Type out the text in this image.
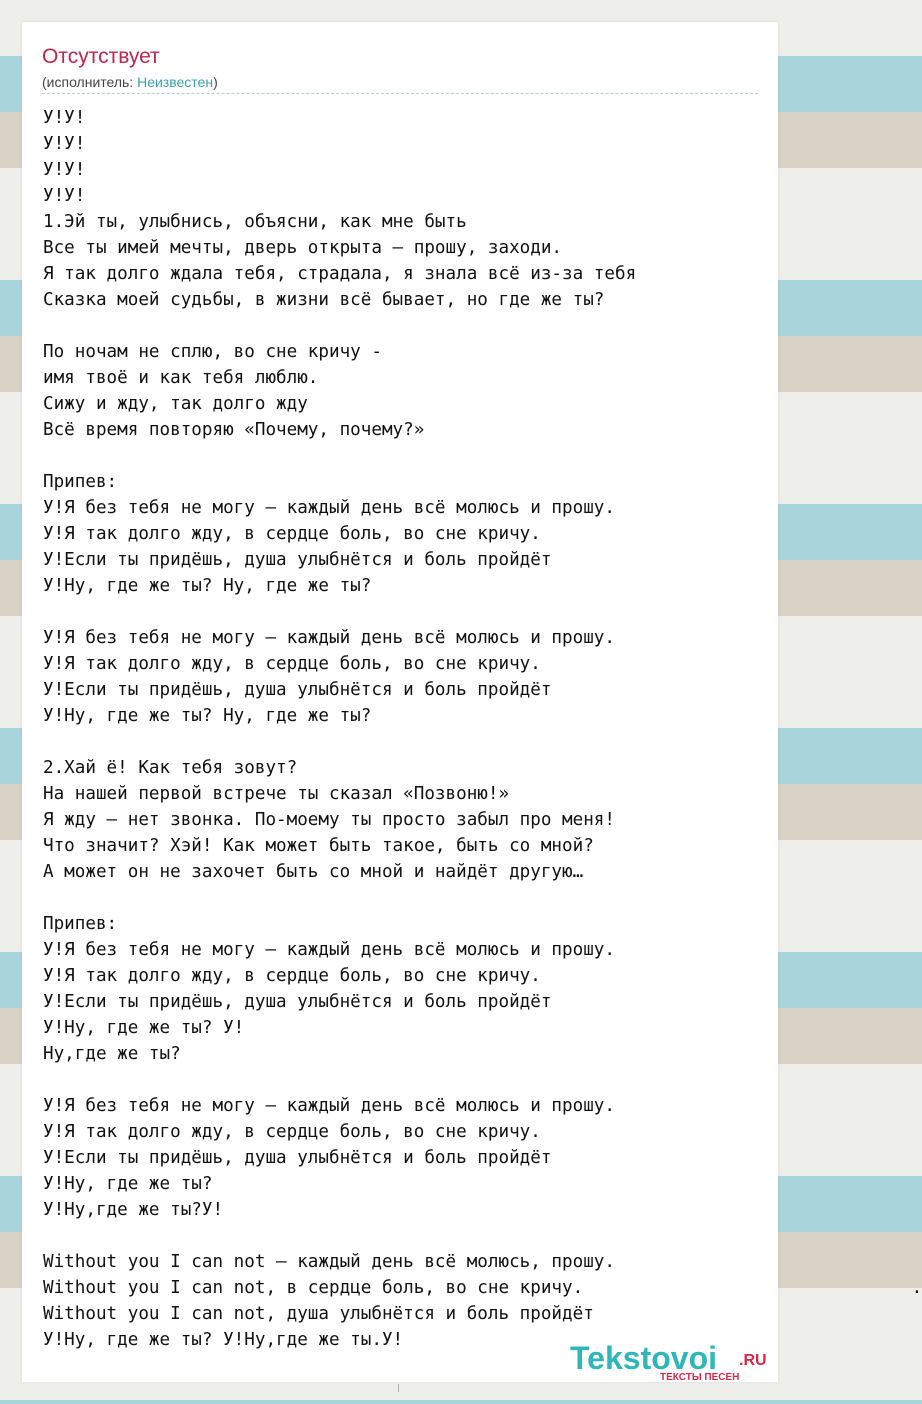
Отсутствует
(исполнитель: Неизвестен)
У!У!
У!У!
У!У!
У!У!
1.Эй ты, улыбнись, объясни, как мне быть
Все ты имей мечты, дверь открыта – прошу, заходи.
Я так долго ждала тебя, страдала, я знала всё из-за тебя
Сказка моей судьбы, в жизни всё бывает, но где же ты?

По ночам не сплю, во сне кричу -
имя твоё и как тебя люблю.
Сижу и жду, так долго жду
Всё время повторяю «Почему, почему?»

Припев:
У!Я без тебя не могу – каждый день всё молюсь и прошу.
У!Я так долго жду, в сердце боль, во сне кричу.
У!Если ты придёшь, душа улыбнётся и боль пройдёт
У!Ну, где же ты? Ну, где же ты?

У!Я без тебя не могу – каждый день всё молюсь и прошу.
У!Я так долго жду, в сердце боль, во сне кричу.
У!Если ты придёшь, душа улыбнётся и боль пройдёт
У!Ну, где же ты? Ну, где же ты?

2.Хай ё! Как тебя зовут?
На нашей первой встрече ты сказал «Позвоню!»
Я жду – нет звонка. По-моему ты просто забыл про меня!
Что значит? Хэй! Как может быть такое, быть со мной?
А может он не захочет быть со мной и найдёт другую…

Припев:
У!Я без тебя не могу – каждый день всё молюсь и прошу.
У!Я так долго жду, в сердце боль, во сне кричу.
У!Если ты придёшь, душа улыбнётся и боль пройдёт
У!Ну, где же ты? У!
Ну,где же ты?

У!Я без тебя не могу – каждый день всё молюсь и прошу.
У!Я так долго жду, в сердце боль, во сне кричу.
У!Если ты придёшь, душа улыбнётся и боль пройдёт
У!Ну, где же ты?
У!Ну,где же ты?У!

Without you I can not – каждый день всё молюсь, прошу.
Without you I can not, в сердце боль, во сне кричу.                               .
Without you I can not, душа улыбнётся и боль пройдёт
У!Ну, где же ты? У!Ну,где же ты.У!	Tekstovoi .RU
ТЕКСТЫ ПЕСЕН
